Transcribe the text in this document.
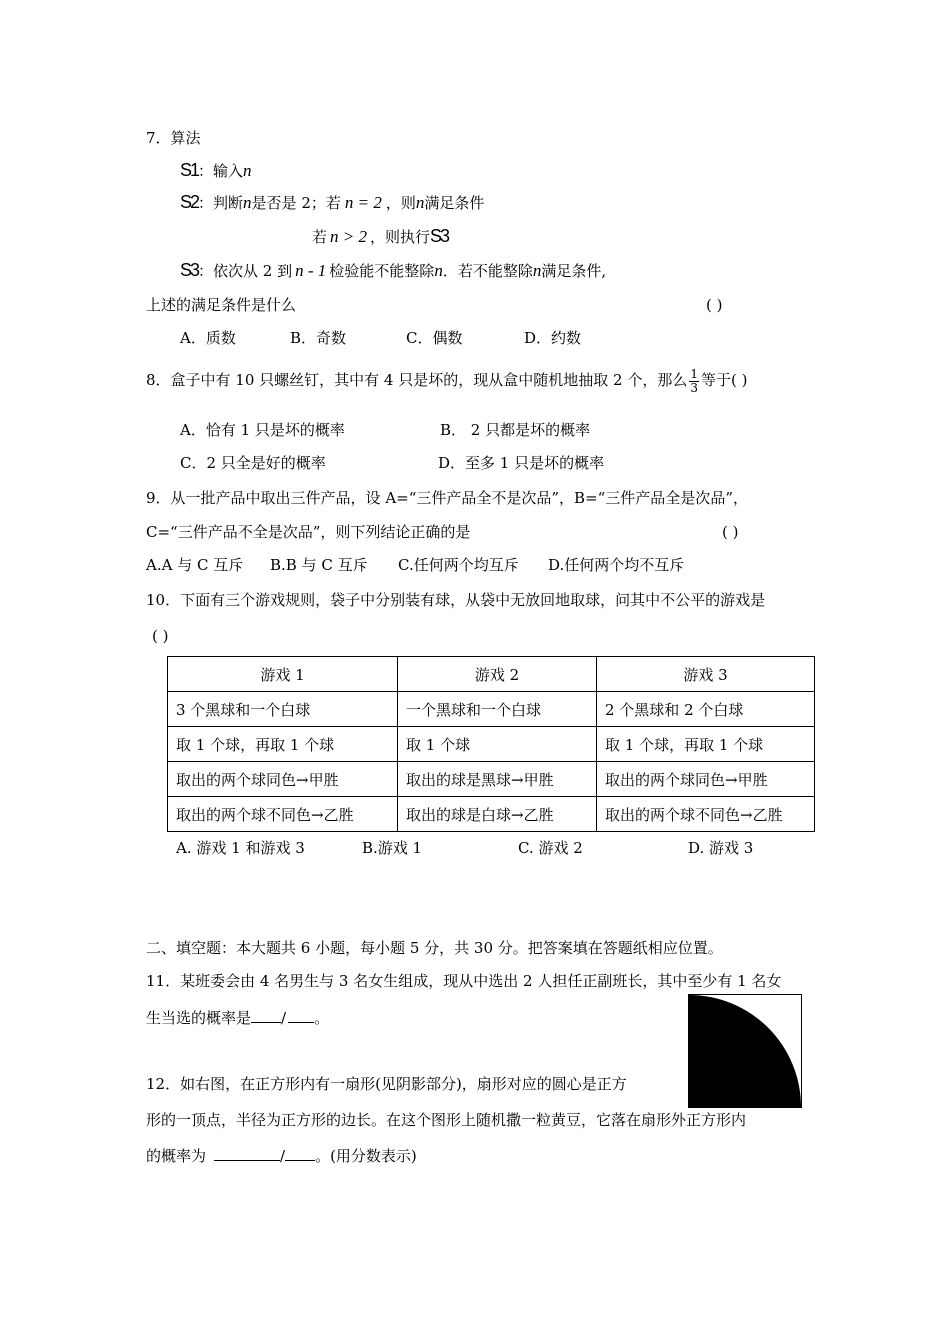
7．算法
S1：输入n
S2：判断n是否是 2；若 n = 2 ，则n满足条件
若 n > 2 ，则执行S3
S3：依次从 2 到 n - 1 检验能不能整除n．若不能整除n满足条件,
上述的满足条件是什么	( )
A．质数	B．奇数	C．偶数	D．约数
8．盒子中有 10 只螺丝钉，其中有 4 只是坏的，现从盒中随机地抽取 2 个，那么 $\frac{1}{3}$ 等于( )
A．恰有 1 只是坏的概率	B． 2 只都是坏的概率
C．2 只全是好的概率	D．至多 1 只是坏的概率
9．从一批产品中取出三件产品，设 A=“三件产品全不是次品”，B=“三件产品全是次品”，
C=“三件产品不全是次品”，则下列结论正确的是	( )
A.A 与 C 互斥 B.B 与 C 互斥 C.任何两个均互斥 D.任何两个均不互斥
10．下面有三个游戏规则，袋子中分别装有球，从袋中无放回地取球，问其中不公平的游戏是
( )
游戏 1	游戏 2	游戏 3
3 个黑球和一个白球	一个黑球和一个白球	2 个黑球和 2 个白球
取 1 个球，再取 1 个球	取 1 个球	取 1 个球，再取 1 个球
取出的两个球同色→甲胜	取出的球是黑球→甲胜	取出的两个球同色→甲胜
取出的两个球不同色→乙胜	取出的球是白球→乙胜	取出的两个球不同色→乙胜
A. 游戏 1 和游戏 3	B.游戏 1	C. 游戏 2	D. 游戏 3
二、填空题：本大题共 6 小题，每小题 5 分，共 30 分。把答案填在答题纸相应位置。
11．某班委会由 4 名男生与 3 名女生组成，现从中选出 2 人担任正副班长，其中至少有 1 名女
生当选的概率是 / 。
12．如右图，在正方形内有一扇形(见阴影部分)，扇形对应的圆心是正方
形的一顶点，半径为正方形的边长。在这个图形上随机撒一粒黄豆，它落在扇形外正方形内
的概率为	/ 。(用分数表示)
